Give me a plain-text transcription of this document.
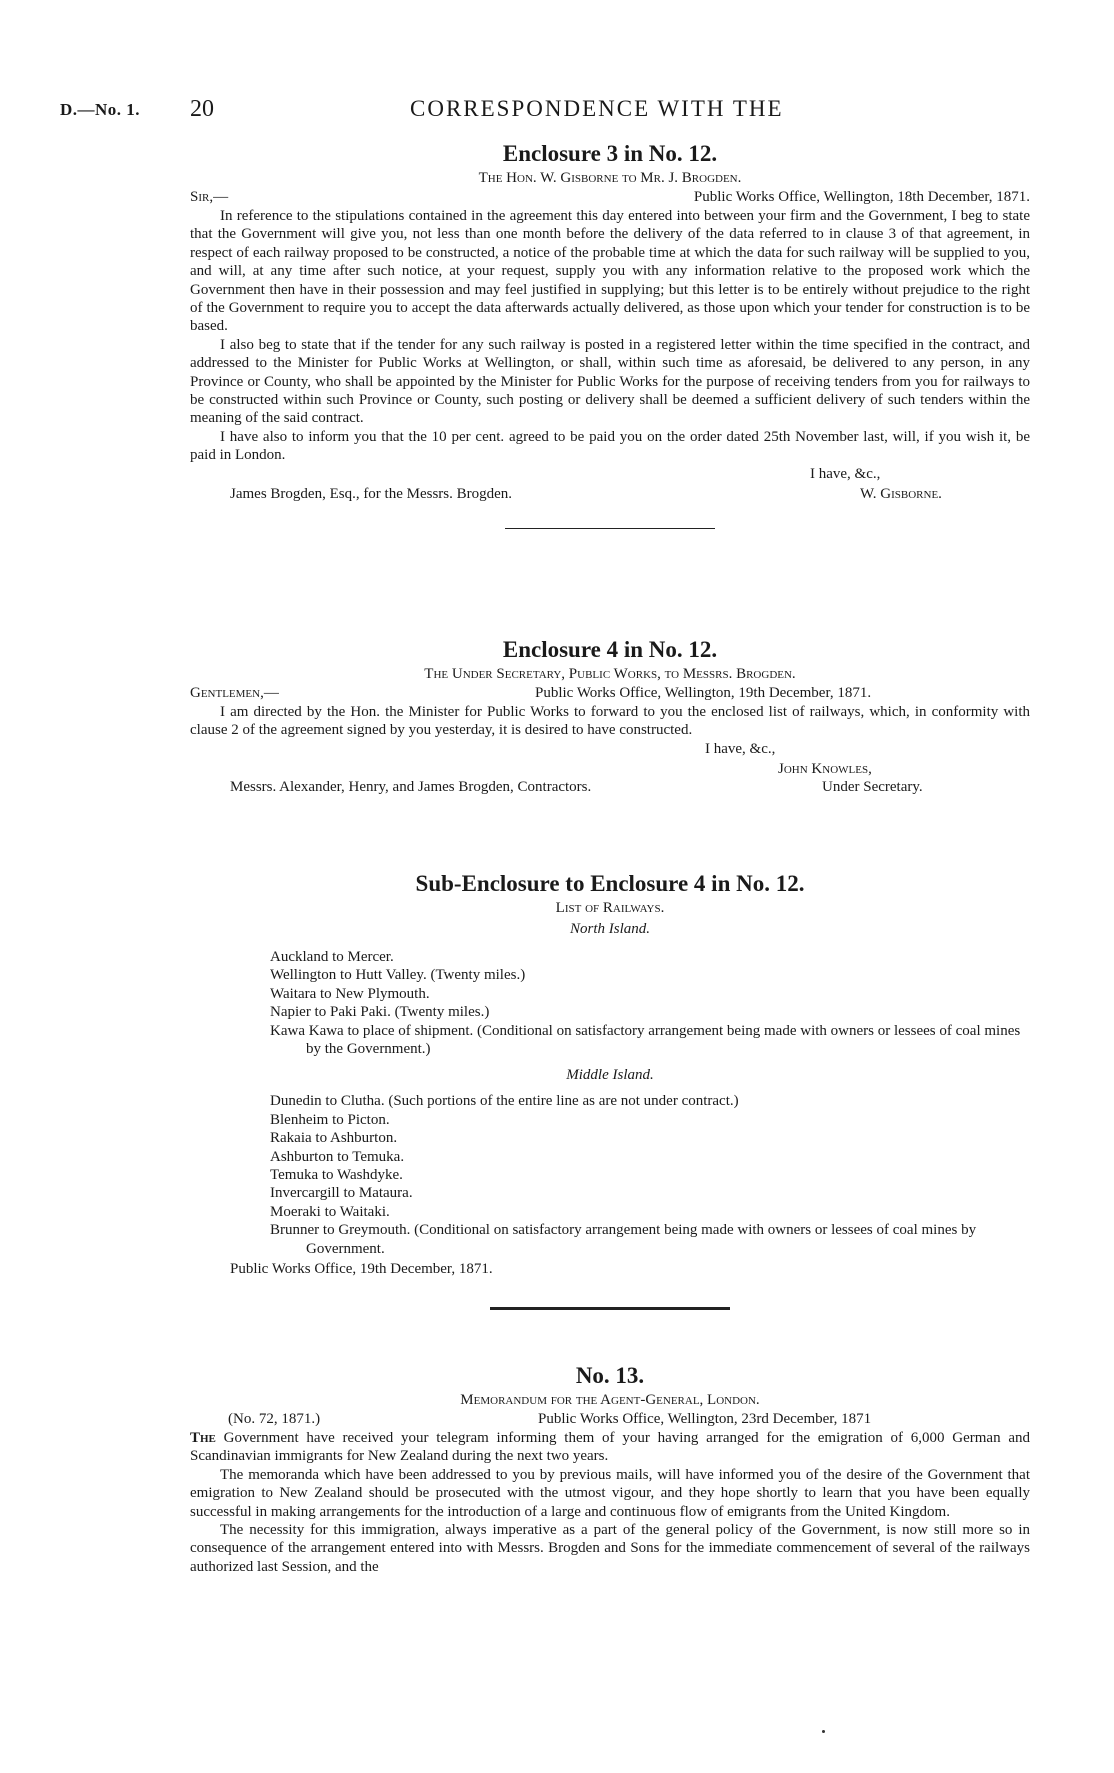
D.—No. 1. 20	CORRESPONDENCE WITH THE
Enclosure 3 in No. 12.

The Hon. W. Gisborne to Mr. J. Brogden.

Sir,—	Public Works Office, Wellington, 18th December, 1871.

In reference to the stipulations contained in the agreement this day entered into between your firm and the Government, I beg to state that the Government will give you, not less than one month before the delivery of the data referred to in clause 3 of that agreement, in respect of each railway proposed to be constructed, a notice of the probable time at which the data for such railway will be supplied to you, and will, at any time after such notice, at your request, supply you with any information relative to the proposed work which the Government then have in their possession and may feel justified in supplying; but this letter is to be entirely without prejudice to the right of the Government to require you to accept the data afterwards actually delivered, as those upon which your tender for construction is to be based.

I also beg to state that if the tender for any such railway is posted in a registered letter within the time specified in the contract, and addressed to the Minister for Public Works at Wellington, or shall, within such time as aforesaid, be delivered to any person, in any Province or County, who shall be appointed by the Minister for Public Works for the purpose of receiving tenders from you for railways to be constructed within such Province or County, such posting or delivery shall be deemed a sufficient delivery of such tenders within the meaning of the said contract.

I have also to inform you that the 10 per cent. agreed to be paid you on the order dated 25th November last, will, if you wish it, be paid in London.

I have, &c.,
James Brogden, Esq., for the Messrs. Brogden.	W. Gisborne.
Enclosure 4 in No. 12.

The Under Secretary, Public Works, to Messrs. Brogden.

Gentlemen,—	Public Works Office, Wellington, 19th December, 1871.

I am directed by the Hon. the Minister for Public Works to forward to you the enclosed list of railways, which, in conformity with clause 2 of the agreement signed by you yesterday, it is desired to have constructed.

I have, &c.,
John Knowles,
Messrs. Alexander, Henry, and James Brogden, Contractors.	Under Secretary.
Sub-Enclosure to Enclosure 4 in No. 12.

List of Railways.

North Island.

Auckland to Mercer.
Wellington to Hutt Valley. (Twenty miles.)
Waitara to New Plymouth.
Napier to Paki Paki. (Twenty miles.)
Kawa Kawa to place of shipment. (Conditional on satisfactory arrangement being made with owners or lessees of coal mines by the Government.)

Middle Island.

Dunedin to Clutha. (Such portions of the entire line as are not under contract.)
Blenheim to Picton.
Rakaia to Ashburton.
Ashburton to Temuka.
Temuka to Washdyke.
Invercargill to Mataura.
Moeraki to Waitaki.
Brunner to Greymouth. (Conditional on satisfactory arrangement being made with owners or lessees of coal mines by Government.

Public Works Office, 19th December, 1871.

No. 13.

Memorandum for the Agent-General, London.

(No. 72, 1871.)	Public Works Office, Wellington, 23rd December, 1871

The Government have received your telegram informing them of your having arranged for the emigration of 6,000 German and Scandinavian immigrants for New Zealand during the next two years.

The memoranda which have been addressed to you by previous mails, will have informed you of the desire of the Government that emigration to New Zealand should be prosecuted with the utmost vigour, and they hope shortly to learn that you have been equally successful in making arrangements for the introduction of a large and continuous flow of emigrants from the United Kingdom.

The necessity for this immigration, always imperative as a part of the general policy of the Government, is now still more so in consequence of the arrangement entered into with Messrs. Brogden and Sons for the immediate commencement of several of the railways authorized last Session, and the
